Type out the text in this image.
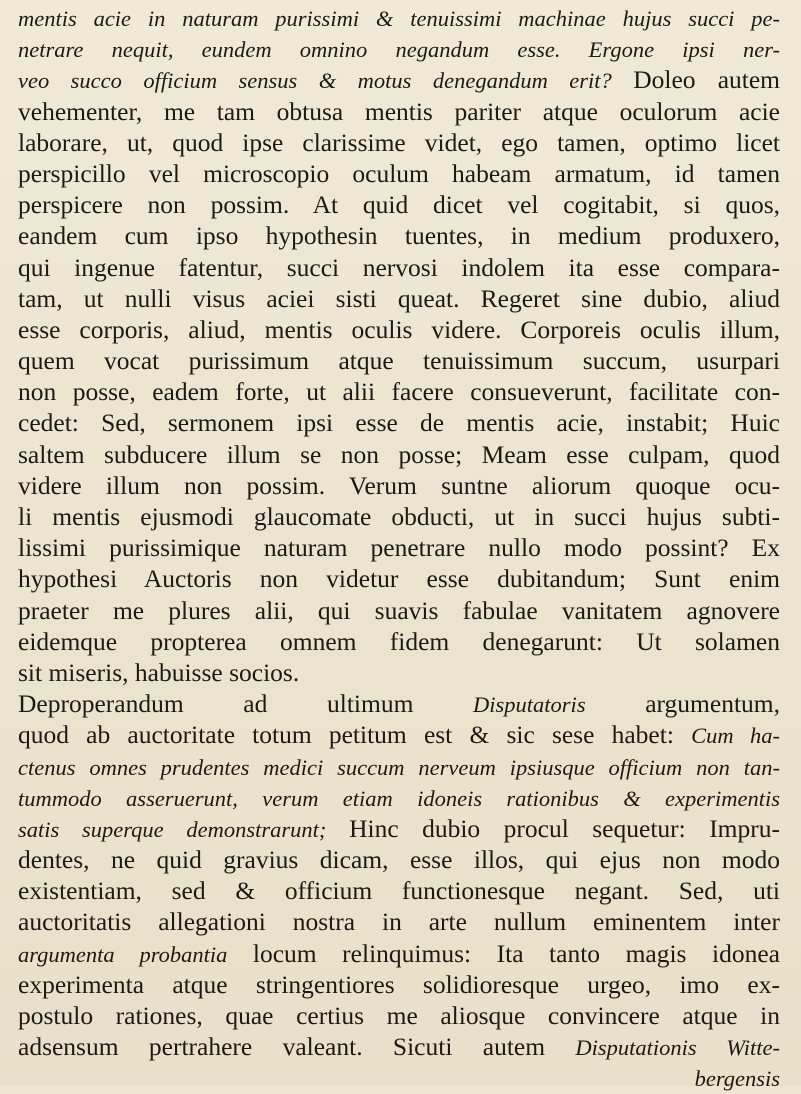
mentis acie in naturam purissimi & tenuissimi machinae hujus succi pe-
netrare nequit, eundem omnino negandum esse. Ergone ipsi ner-
veo succo officium sensus & motus denegandum erit? Doleo autem
vehementer, me tam obtusa mentis pariter atque oculorum acie
laborare, ut, quod ipse clarissime videt, ego tamen, optimo licet
perspicillo vel microscopio oculum habeam armatum, id tamen
perspicere non possim. At quid dicet vel cogitabit, si quos,
eandem cum ipso hypothesin tuentes, in medium produxero,
qui ingenue fatentur, succi nervosi indolem ita esse compara-
tam, ut nulli visus aciei sisti queat. Regeret sine dubio, aliud
esse corporis, aliud, mentis oculis videre. Corporeis oculis illum,
quem vocat purissimum atque tenuissimum succum, usurpari
non posse, eadem forte, ut alii facere consueverunt, facilitate con-
cedet: Sed, sermonem ipsi esse de mentis acie, instabit; Huic
saltem subducere illum se non posse; Meam esse culpam, quod
videre illum non possim. Verum suntne aliorum quoque ocu-
li mentis ejusmodi glaucomate obducti, ut in succi hujus subti-
lissimi purissimique naturam penetrare nullo modo possint? Ex
hypothesi Auctoris non videtur esse dubitandum; Sunt enim
praeter me plures alii, qui suavis fabulae vanitatem agnovere
eidemque propterea omnem fidem denegarunt: Ut solamen
sit miseris, habuisse socios.
Deproperandum ad ultimum Disputatoris argumentum,
quod ab auctoritate totum petitum est & sic sese habet: Cum ha-
ctenus omnes prudentes medici succum nerveum ipsiusque officium non tan-
tummodo asseruerunt, verum etiam idoneis rationibus & experimentis
satis superque demonstrarunt; Hinc dubio procul sequetur: Impru-
dentes, ne quid gravius dicam, esse illos, qui ejus non modo
existentiam, sed & officium functionesque negant. Sed, uti
auctoritatis allegationi nostra in arte nullum eminentem inter
argumenta probantia locum relinquimus: Ita tanto magis idonea
experimenta atque stringentiores solidioresque urgeo, imo ex-
postulo rationes, quae certius me aliosque convincere atque in
adsensum pertrahere valeant. Sicuti autem Disputationis Witte-
bergensis
